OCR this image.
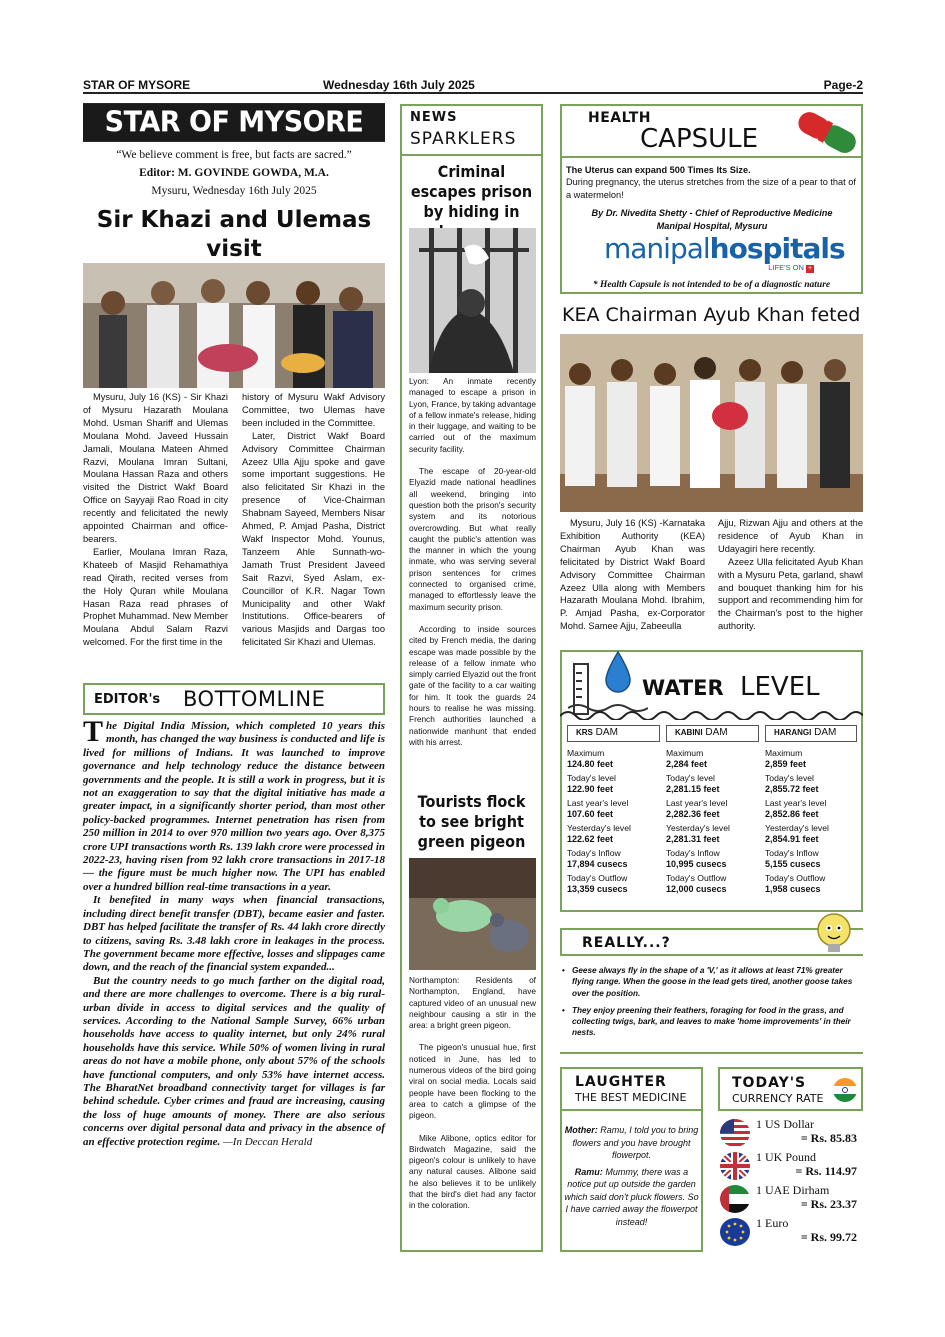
STAR OF MYSORE	Wednesday 16th July 2025	Page-2
STAR OF MYSORE
“We believe comment is free, but facts are sacred.”
Editor: M. GOVINDE GOWDA, M.A.
Mysuru, Wednesday 16th July 2025
Sir Khazi and Ulemas visit

Mysuru, July 16 (KS) - Sir Khazi of Mysuru Hazarath Moulana Mohd. Usman Shariff and Ulemas Moulana Mohd. Javeed Hussain Jamali, Moulana Mateen Ahmed Razvi, Moulana Imran Sultani, Moulana Hassan Raza and others visited the District Wakf Board Office on Sayyaji Rao Road in city recently and felicitated the newly appointed Chairman and office-bearers.

Earlier, Moulana Imran Raza, Khateeb of Masjid Rehamathiya read Qirath, recited verses from the Holy Quran while Moulana Hasan Raza read phrases of Prophet Muhammad. New Member Moulana Abdul Salam Razvi welcomed. For the first time in the

history of Mysuru Wakf Advisory Committee, two Ulemas have been included in the Committee.

Later, District Wakf Board Advisory Committee Chairman Azeez Ulla Ajju spoke and gave some important suggestions. He also felicitated Sir Khazi in the presence of Vice-Chairman Shabnam Sayeed, Members Nisar Ahmed, P. Amjad Pasha, District Wakf Inspector Mohd. Younus, Tanzeem Ahle Sunnath-wo-Jamath Trust President Javeed Sait Razvi, Syed Aslam, ex-Councillor of K.R. Nagar Town Municipality and other Wakf Institutions. Office-bearers of various Masjids and Dargas too felicitated Sir Khazi and Ulemas.

EDITOR's BOTTOMLINE

The Digital India Mission, which completed 10 years this month, has changed the way business is conducted and life is lived for millions of Indians. It was launched to improve governance and help technology reduce the distance between governments and the people. It is still a work in progress, but it is not an exaggeration to say that the digital initiative has made a greater impact, in a significantly shorter period, than most other policy-backed programmes. Internet penetration has risen from 250 million in 2014 to over 970 million two years ago. Over 8,375 crore UPI transactions worth Rs. 139 lakh crore were processed in 2022-23, having risen from 92 lakh crore transactions in 2017-18 — the figure must be much higher now. The UPI has enabled over a hundred billion real-time transactions in a year.

It benefited in many ways when financial transactions, including direct benefit transfer (DBT), became easier and faster. DBT has helped facilitate the transfer of Rs. 44 lakh crore directly to citizens, saving Rs. 3.48 lakh crore in leakages in the process. The government became more effective, losses and slippages came down, and the reach of the financial system expanded...

But the country needs to go much farther on the digital road, and there are more challenges to overcome. There is a big rural-urban divide in access to digital services and the quality of services. According to the National Sample Survey, 66% urban households have access to quality internet, but only 24% rural households have this service. While 50% of women living in rural areas do not have a mobile phone, only about 57% of the schools have functional computers, and only 53% have internet access. The BharatNet broadband connectivity target for villages is far behind schedule. Cyber crimes and fraud are increasing, causing the loss of huge amounts of money. There are also serious concerns over digital personal data and privacy in the absence of an effective protection regime. —In Deccan Herald

NEWS
SPARKLERS
Criminal escapes prison by hiding in

Lyon: An inmate recently managed to escape a prison in Lyon, France, by taking advantage of a fellow inmate's release, hiding in their luggage, and waiting to be carried out of the maximum security facility.

The escape of 20-year-old Elyazid made national headlines all weekend, bringing into question both the prison's security system and its notorious overcrowding. But what really caught the public's attention was the manner in which the young inmate, who was serving several prison sentences for crimes connected to organised crime, managed to effortlessly leave the maximum security prison.

According to inside sources cited by French media, the daring escape was made possible by the release of a fellow inmate who simply carried Elyazid out the front gate of the facility to a car waiting for him. It took the guards 24 hours to realise he was missing. French authorities launched a nationwide manhunt that ended with his arrest.

Tourists flock to see bright green pigeon

Northampton: Residents of Northampton, England, have captured video of an unusual new neighbour causing a stir in the area: a bright green pigeon.

The pigeon's unusual hue, first noticed in June, has led to numerous videos of the bird going viral on social media. Locals said people have been flocking to the area to catch a glimpse of the pigeon.

Mike Alibone, optics editor for Birdwatch Magazine, said the pigeon's colour is unlikely to have any natural causes. Alibone said he also believes it to be unlikely that the bird's diet had any factor in the coloration.

HEALTH
CAPSULE
The Uterus can expand 500 Times Its Size.
During pregnancy, the uterus stretches from the size of a pear to that of a watermelon!
By Dr. Nivedita Shetty - Chief of Reproductive Medicine
Manipal Hospital, Mysuru
manipalhospitals
LIFE'S ON +
* Health Capsule is not intended to be of a diagnostic nature
KEA Chairman Ayub Khan feted

Mysuru, July 16 (KS) -Karnataka Exhibition Authority (KEA) Chairman Ayub Khan was felicitated by District Wakf Board Advisory Committee Chairman Azeez Ulla along with Members Hazarath Moulana Mohd. Ibrahim, P. Amjad Pasha, ex-Corporator Mohd. Samee Ajju, Zabeeulla

Ajju, Rizwan Ajju and others at the residence of Ayub Khan in Udayagiri here recently.

Azeez Ulla felicitated Ayub Khan with a Mysuru Peta, garland, shawl and bouquet thanking him for his support and recommending him for the Chairman's post to the higher authority.

WATER LEVEL
KRS DAM
Maximum
124.80 feet
Today's level
122.90 feet
Last year's level
107.60 feet
Yesterday's level
122.62 feet
Today's Inflow
17,894 cusecs
Today's Outflow
13,359 cusecs
KABINI DAM
Maximum
2,284 feet
Today's level
2,281.15 feet
Last year's level
2,282.36 feet
Yesterday's level
2,281.31 feet
Today's Inflow
10,995 cusecs
Today's Outflow
12,000 cusecs
HARANGI DAM
Maximum
2,859 feet
Today's level
2,855.72 feet
Last year's level
2,852.86 feet
Yesterday's level
2,854.91 feet
Today's Inflow
5,155 cusecs
Today's Outflow
1,958 cusecs
REALLY...?
• Geese always fly in the shape of a 'V,' as it allows at least 71% greater flying range. When the goose in the lead gets tired, another goose takes over the position.
• They enjoy preening their feathers, foraging for food in the grass, and collecting twigs, bark, and leaves to make 'home improvements' in their nests.
LAUGHTER
THE BEST MEDICINE
Mother: Ramu, I told you to bring flowers and you have brought flowerpot.
Ramu: Mummy, there was a notice put up outside the garden which said don't pluck flowers. So I have carried away the flowerpot instead!
TODAY'S
CURRENCY RATE
1 US Dollar
= Rs. 85.83
1 UK Pound
= Rs. 114.97
1 UAE Dirham
= Rs. 23.37
1 Euro
= Rs. 99.72
